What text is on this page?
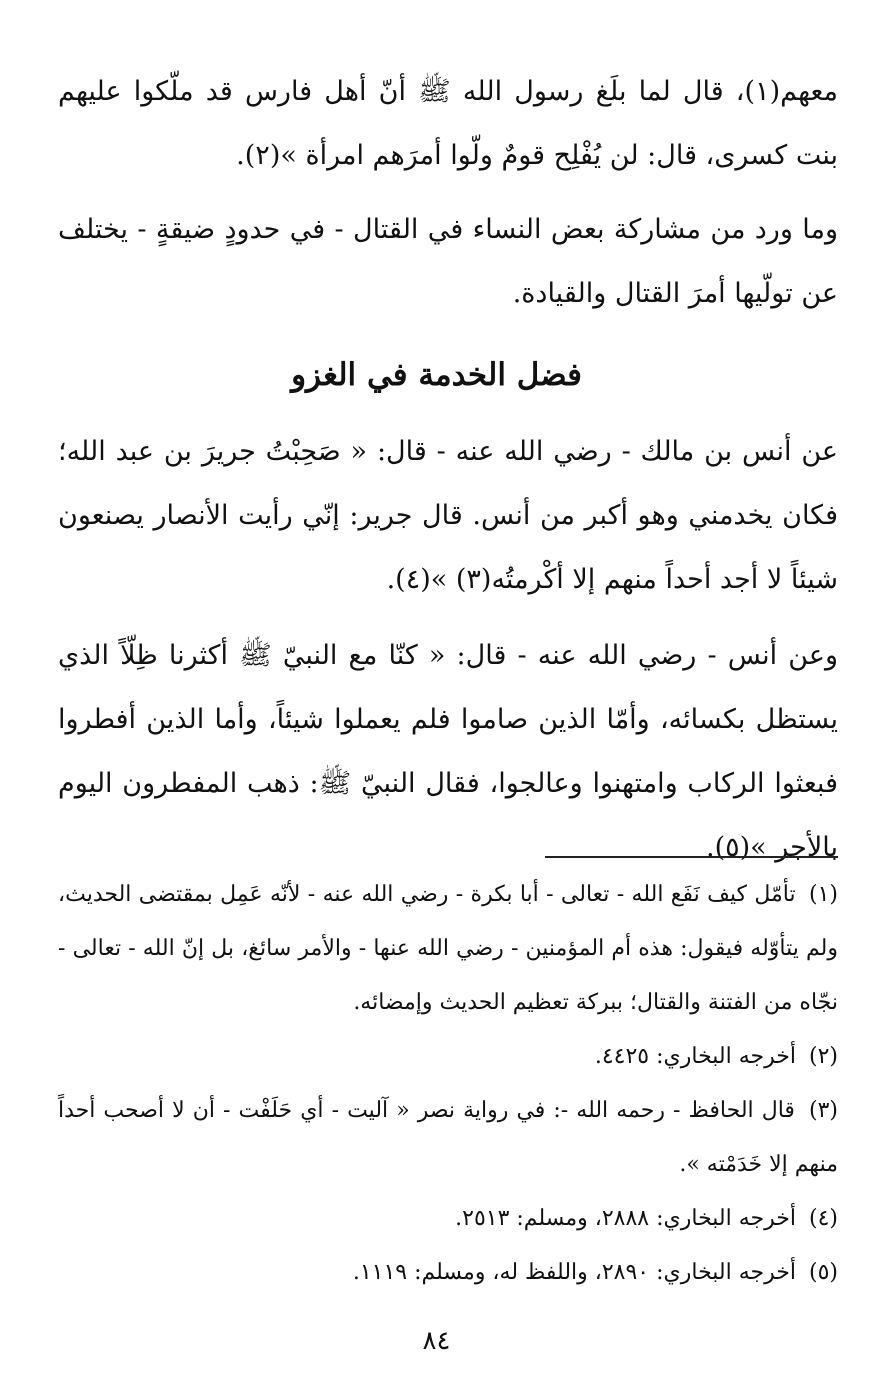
معهم(١)، قال لما بلَغ رسول الله ﷺ أنّ أهل فارس قد ملّكوا عليهم بنت كسرى، قال: لن يُفْلِح قومٌ ولّوا أمرَهم امرأة »(٢).

وما ورد من مشاركة بعض النساء في القتال - في حدودٍ ضيقةٍ - يختلف عن تولّيها أمرَ القتال والقيادة.

فضل الخدمة في الغزو

عن أنس بن مالك - رضي الله عنه - قال: « صَحِبْتُ جريرَ بن عبد الله؛ فكان يخدمني وهو أكبر من أنس. قال جرير: إنّي رأيت الأنصار يصنعون شيئاً لا أجد أحداً منهم إلا أكْرمتُه(٣) »(٤).

وعن أنس - رضي الله عنه - قال: « كنّا مع النبيّ ﷺ أكثرنا ظِلّاً الذي يستظل بكسائه، وأمّا الذين صاموا فلم يعملوا شيئاً، وأما الذين أفطروا فبعثوا الركاب وامتهنوا وعالجوا، فقال النبيّ ﷺ: ذهب المفطرون اليوم بالأجر »(٥).

(١) تأمّل كيف نَفَع الله - تعالى - أبا بكرة - رضي الله عنه - لأنّه عَمِل بمقتضى الحديث، ولم يتأوّله فيقول: هذه أم المؤمنين - رضي الله عنها - والأمر سائغ، بل إنّ الله - تعالى - نجّاه من الفتنة والقتال؛ ببركة تعظيم الحديث وإمضائه.
(٢) أخرجه البخاري: ٤٤٢٥.
(٣) قال الحافظ - رحمه الله -: في رواية نصر « آليت - أي حَلَفْت - أن لا أصحب أحداً منهم إلا خَدَمْته ».
(٤) أخرجه البخاري: ٢٨٨٨، ومسلم: ٢٥١٣.
(٥) أخرجه البخاري: ٢٨٩٠، واللفظ له، ومسلم: ١١١٩.
٨٤
